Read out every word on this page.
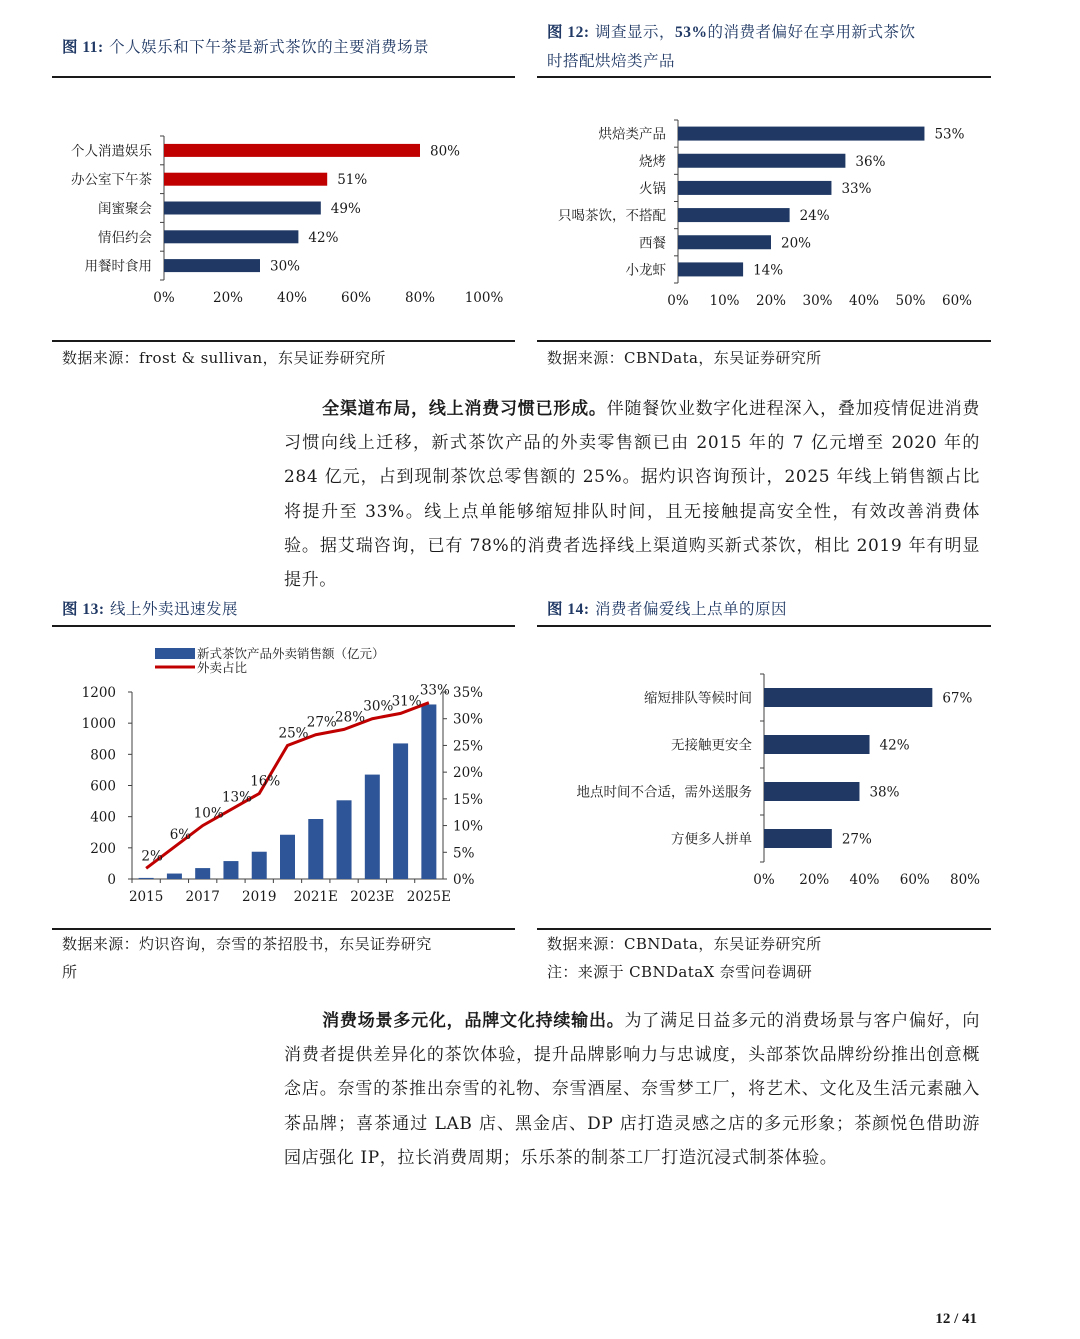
图 11: 个人娱乐和下午茶是新式茶饮的主要消费场景
个人消遣娱乐	80%
办公室下午茶	51%
闺蜜聚会	49%
情侣约会	42%
用餐时食用	30%
0%	20%	40%	60%	80% 100%
数据来源：frost & sullivan，东吴证券研究所
图 12: 调查显示，53%的消费者偏好在享用新式茶饮
时搭配烘焙类产品
烘焙类产品	53%
烧烤	36%
火锅	33%
只喝茶饮，不搭配	24%
西餐	20%
小龙虾	14%
0% 10% 20% 30% 40% 50% 60%
数据来源：CBNData，东吴证券研究所
全渠道布局，线上消费习惯已形成。伴随餐饮业数字化进程深入，叠加疫情促进消费习惯向线上迁移，新式茶饮产品的外卖零售额已由 2015 年的 7 亿元增至 2020 年的 284 亿元，占到现制茶饮总零售额的 25%。据灼识咨询预计，2025 年线上销售额占比将提升至 33%。线上点单能够缩短排队时间，且无接触提高安全性，有效改善消费体验。据艾瑞咨询，已有 78%的消费者选择线上渠道购买新式茶饮，相比 2019 年有明显提升。
图 13: 线上外卖迅速发展
0
200
400
600
800
1000
1200
0%
5%
10%
15%
20%
25%
30%
35%
2015 2017 2019 2021E 2023E 2025E
2%
6%
10%
13%
16%
25%
27%
28%
30%
31%
33%
新式茶饮产品外卖销售额（亿元）
外卖占比
数据来源：灼识咨询，奈雪的茶招股书，东吴证券研究
所
图 14: 消费者偏爱线上点单的原因
缩短排队等候时间	67%
无接触更安全	42%
地点时间不合适，需外送服务	38%
方便多人拼单	27%
0% 20% 40% 60% 80%
数据来源：CBNData，东吴证券研究所
注：来源于 CBNDataX 奈雪问卷调研
消费场景多元化，品牌文化持续输出。为了满足日益多元的消费场景与客户偏好，向消费者提供差异化的茶饮体验，提升品牌影响力与忠诚度，头部茶饮品牌纷纷推出创意概念店。奈雪的茶推出奈雪的礼物、奈雪酒屋、奈雪梦工厂，将艺术、文化及生活元素融入茶品牌；喜茶通过 LAB 店、黑金店、DP 店打造灵感之店的多元形象；茶颜悦色借助游园店强化 IP，拉长消费周期；乐乐茶的制茶工厂打造沉浸式制茶体验。
12 / 41
